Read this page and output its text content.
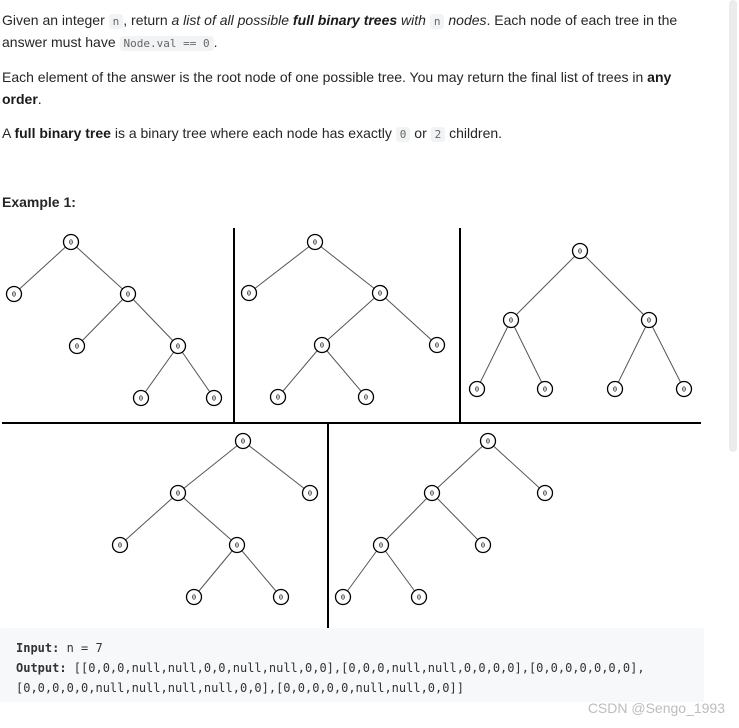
Given an integer n , return a list of all possible full binary trees with n nodes. Each node of each tree in the

answer must have Node.val == 0 .

Each element of the answer is the root node of one possible tree. You may return the final list of trees in any

order.

A full binary tree is a binary tree where each node has exactly 0 or 2 children.

Example 1:
0
0	0
0	0
0	0
0
0	0
0	0
0	0
0
0	0
0	0	0	0
0
0	0
0	0
0	0
0
0	0
0	0
0	0
Input: n = 7
Output: [[0,0,0,null,null,0,0,null,null,0,0],[0,0,0,null,null,0,0,0,0],[0,0,0,0,0,0,0],
[0,0,0,0,0,null,null,null,null,0,0],[0,0,0,0,0,null,null,0,0]]
CSDN @Sengo_1993
